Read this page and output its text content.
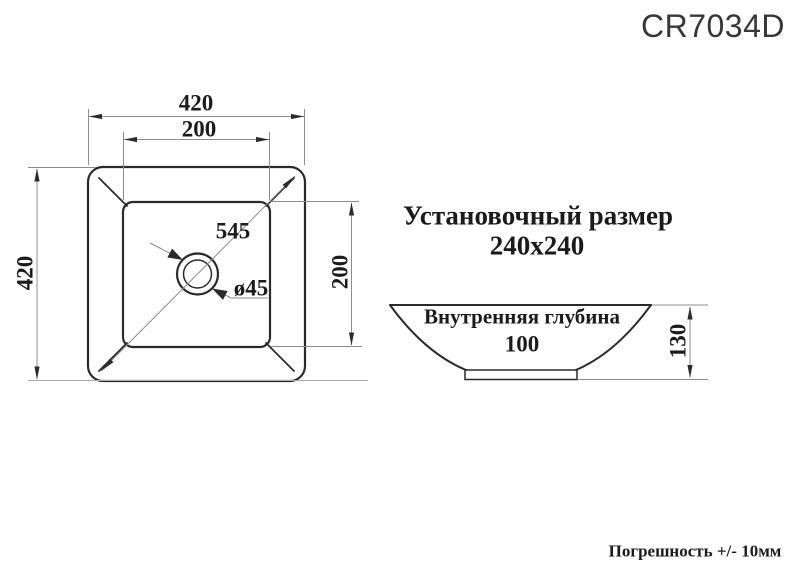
CR7034D
420
200
420	200
545
ø45
Установочный размер
240x240
Внутренняя глубина
100	130
Погрешность +/- 10мм
